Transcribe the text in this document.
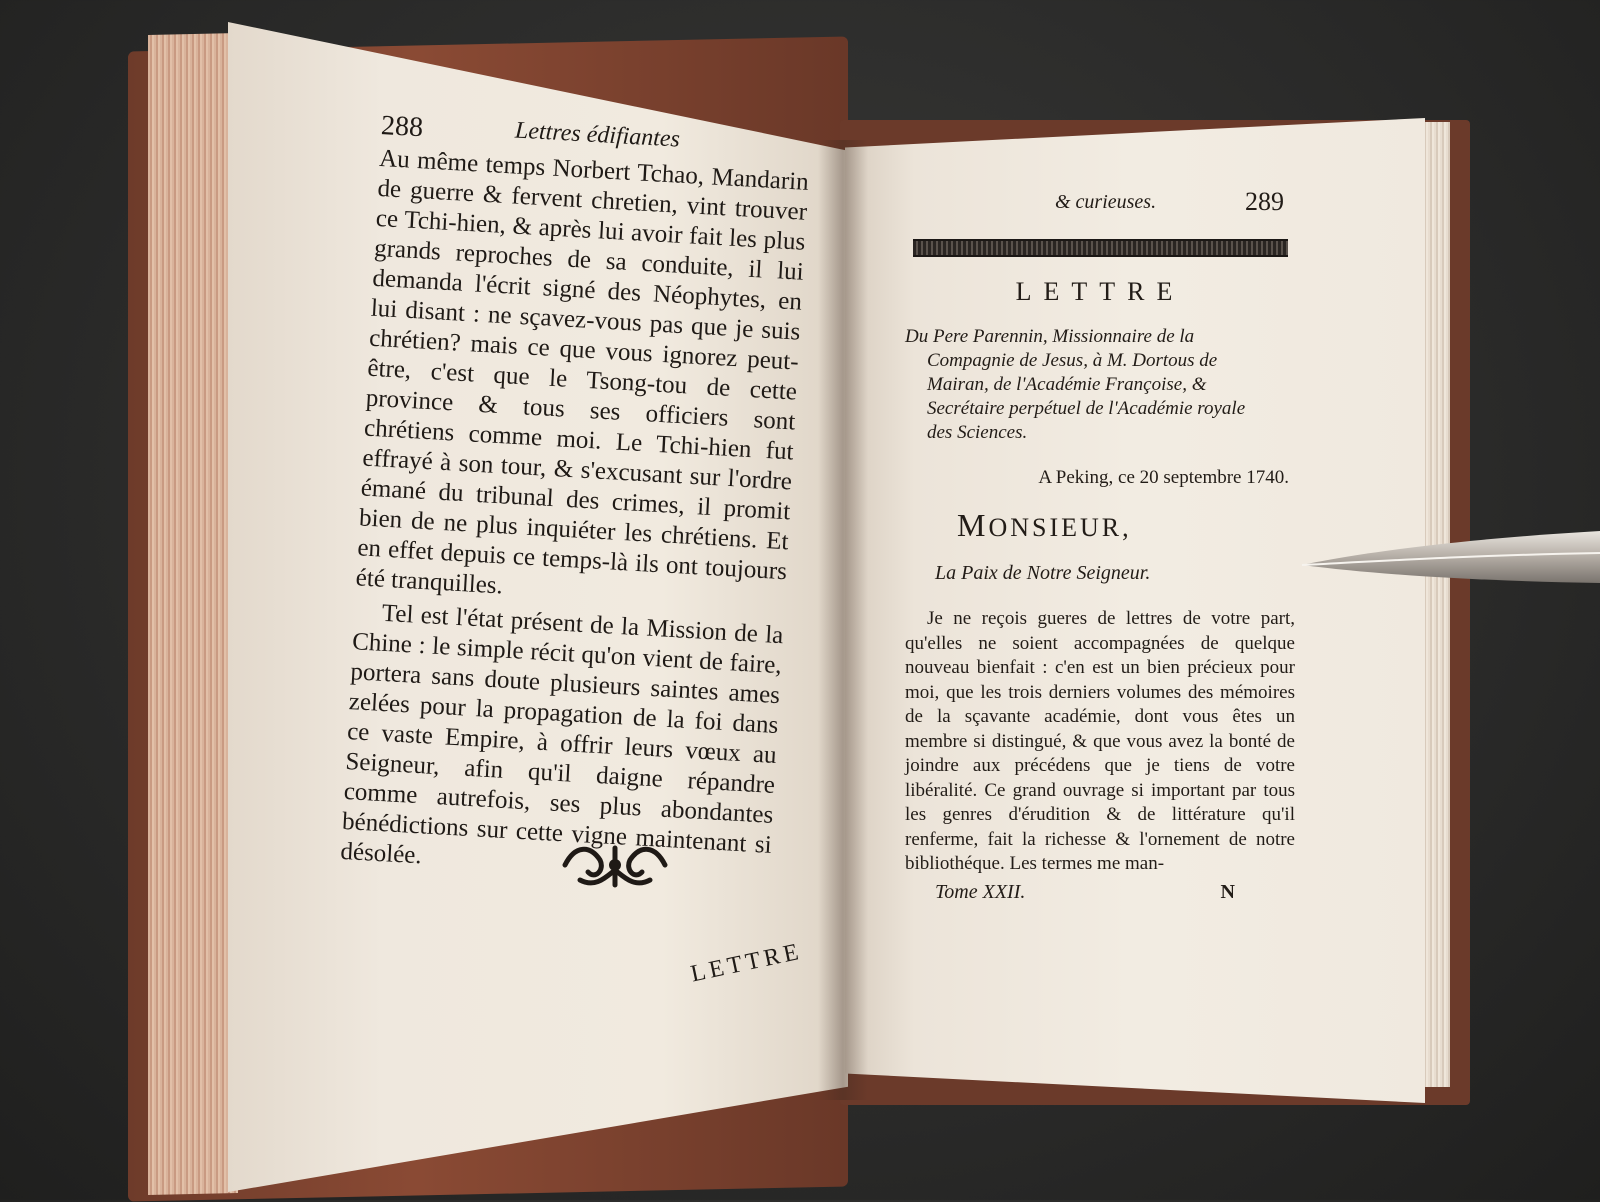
288	Lettres édifiantes

Au même temps Norbert Tchao, Mandarin de guerre & fervent chretien, vint trouver ce Tchi-hien, & après lui avoir fait les plus grands reproches de sa conduite, il lui demanda l'écrit signé des Néophytes, en lui disant : ne sçavez-vous pas que je suis chrétien? mais ce que vous ignorez peut-être, c'est que le Tsong-tou de cette province & tous ses officiers sont chrétiens comme moi. Le Tchi-hien fut effrayé à son tour, & s'excusant sur l'ordre émané du tribunal des crimes, il promit bien de ne plus inquiéter les chrétiens. Et en effet depuis ce temps-là ils ont toujours été tranquilles.

Tel est l'état présent de la Mission de la Chine : le simple récit qu'on vient de faire, portera sans doute plusieurs saintes ames zelées pour la propagation de la foi dans ce vaste Empire, à offrir leurs vœux au Seigneur, afin qu'il daigne répandre comme autrefois, ses plus abondantes bénédictions sur cette vigne maintenant si désolée.

LETTRE
& curieuses.	289
LETTRE
Du Pere Parennin, Missionnaire de la
Compagnie de Jesus, à M. Dortous de
Mairan, de l'Académie Françoise, &
Secrétaire perpétuel de l'Académie royale
des Sciences.
A Peking, ce 20 septembre 1740.
MONSIEUR,
La Paix de Notre Seigneur.

Je ne reçois gueres de lettres de votre part, qu'elles ne soient accompagnées de quelque nouveau bienfait : c'en est un bien précieux pour moi, que les trois derniers volumes des mémoires de la sçavante académie, dont vous êtes un membre si distingué, & que vous avez la bonté de joindre aux précédens que je tiens de votre libéralité. Ce grand ouvrage si important par tous les genres d'érudition & de littérature qu'il renferme, fait la richesse & l'ornement de notre bibliothéque. Les termes me man-

Tome XXII.	N
